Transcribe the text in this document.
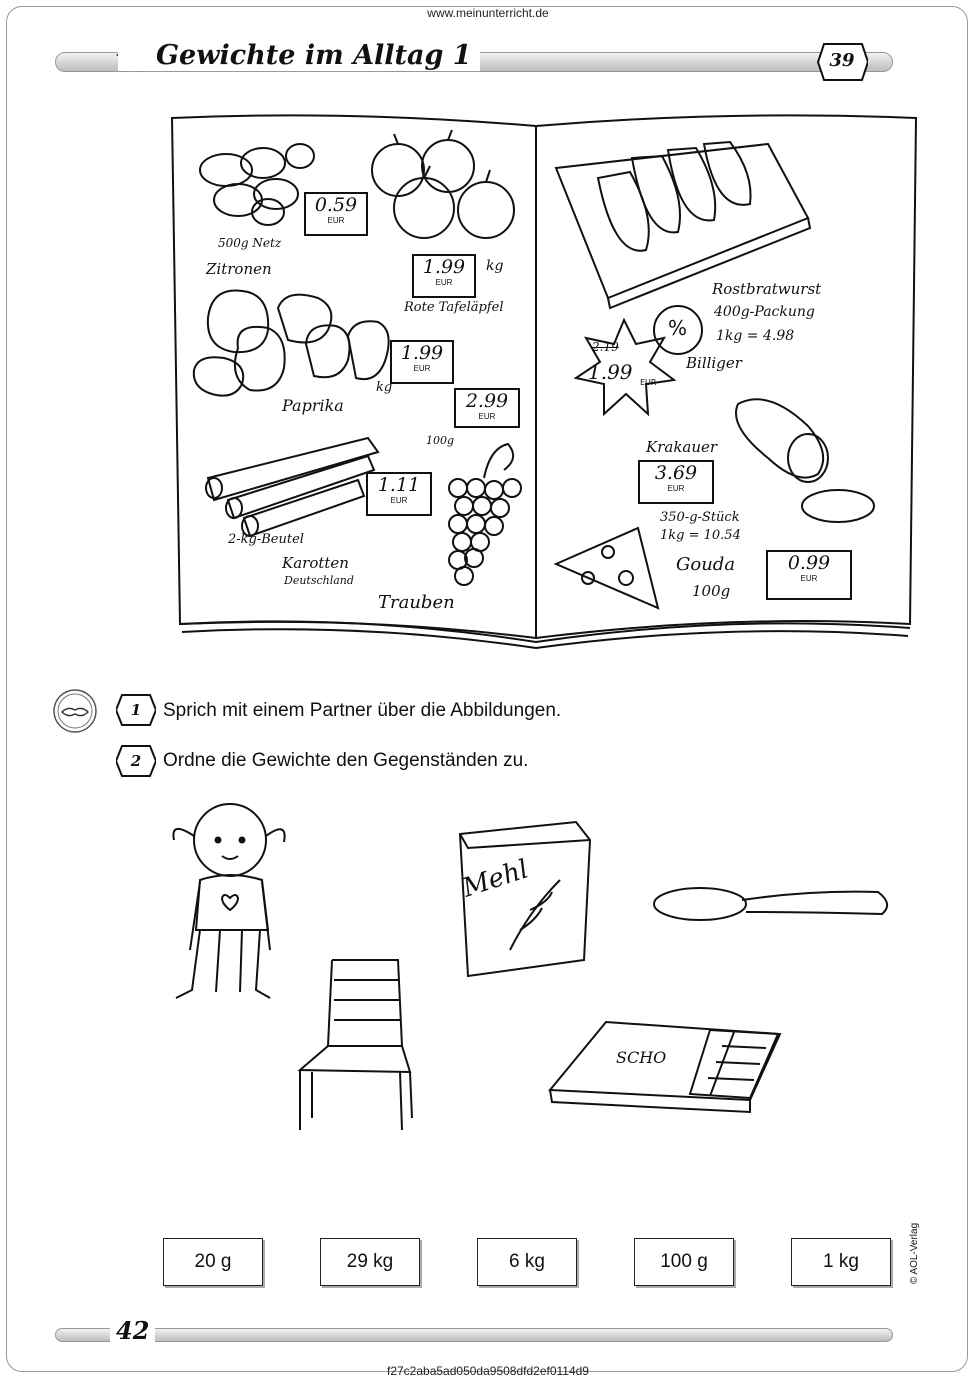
www.meinunterricht.de
Gewichte im Alltag 1	39
0.59
EUR
500g Netz
Zitronen	1.99
EUR
kg
Rote Tafeläpfel
1.99
EUR
kg
Paprika	2.99
EUR
100g
1.11
EUR
2-kg-Beutel
Karotten
Deutschland
Trauben
Rostbratwurst
400g-Packung
1kg = 4.98
2.19
1.99 EUR
%
Billiger
Krakauer
3.69
EUR
350-g-Stück
1kg = 10.54
Gouda
100g
0.99
EUR
1	Sprich mit einem Partner über die Abbildungen.
2	Ordne die Gewichte den Gegenständen zu.
Mehl
SCHO
20 g	29 kg	6 kg	100 g	1 kg	© AOL-Verlag
42
f27c2aba5ad050da9508dfd2ef0114d9
